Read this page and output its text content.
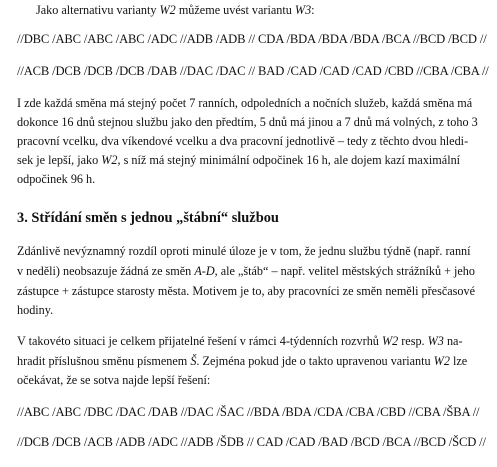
Jako alternativu varianty W2 můžeme uvést variantu W3:
//DBC /ABC /ABC /ABC /ADC //ADB /ADB // CDA /BDA /BDA /BDA /BCA //BCD /BCD //
//ACB /DCB /DCB /DCB /DAB //DAC /DAC // BAD /CAD /CAD /CAD /CBD //CBA /CBA //
I zde každá směna má stejný počet 7 ranních, odpoledních a nočních služeb, každá směna má
dokonce 16 dnů stejnou službu jako den předtím, 5 dnů má jinou a 7 dnů má volných, z toho 3
pracovní vcelku, dva víkendové vcelku a dva pracovní jednotlivě – tedy z těchto dvou hledi-
sek je lepší, jako W2, s níž má stejný minimální odpočinek 16 h, ale dojem kazí maximální
odpočinek 96 h.
3. Střídání směn s jednou „štábní“ službou
Zdánlivě nevýznamný rozdíl oproti minulé úloze je v tom, že jednu službu týdně (např. ranní
v neděli) neobsazuje žádná ze směn A-D, ale „štáb“ – např. velitel městských strážníků + jeho
zástupce + zástupce starosty města. Motivem je to, aby pracovníci ze směn neměli přesčasové
hodiny.
V takovéto situaci je celkem přijatelné řešení v rámci 4-týdenních rozvrhů W2 resp. W3 na-
hradit příslušnou směnu písmenem Š. Zejména pokud jde o takto upravenou variantu W2 lze
očekávat, že se sotva najde lepší řešení:
//ABC /ABC /DBC /DAC /DAB //DAC /ŠAC //BDA /BDA /CDA /CBA /CBD //CBA /ŠBA //
//DCB /DCB /ACB /ADB /ADC //ADB /ŠDB // CAD /CAD /BAD /BCD /BCA //BCD /ŠCD //
